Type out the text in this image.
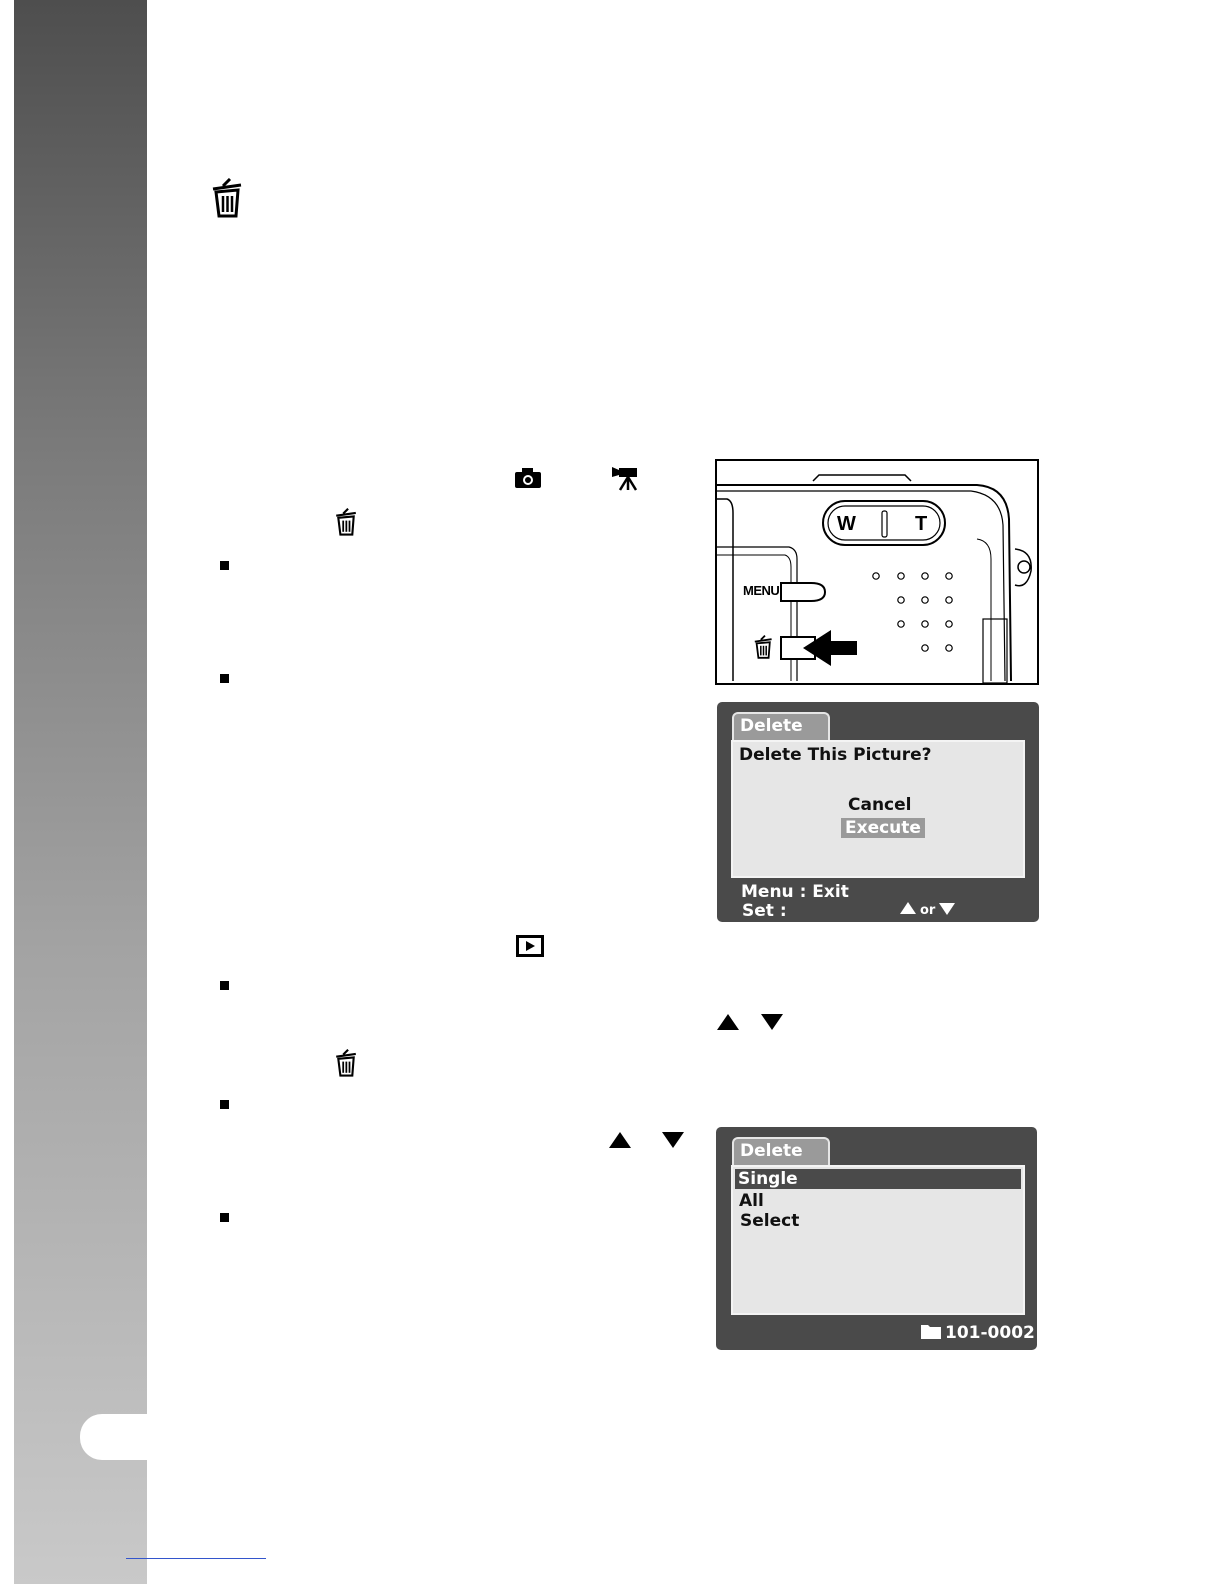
W	T
MENU
Delete
Delete This Picture?
Cancel
Execute
Menu : Exit
Set :	or
Delete
Single
All
Select
101-0002
